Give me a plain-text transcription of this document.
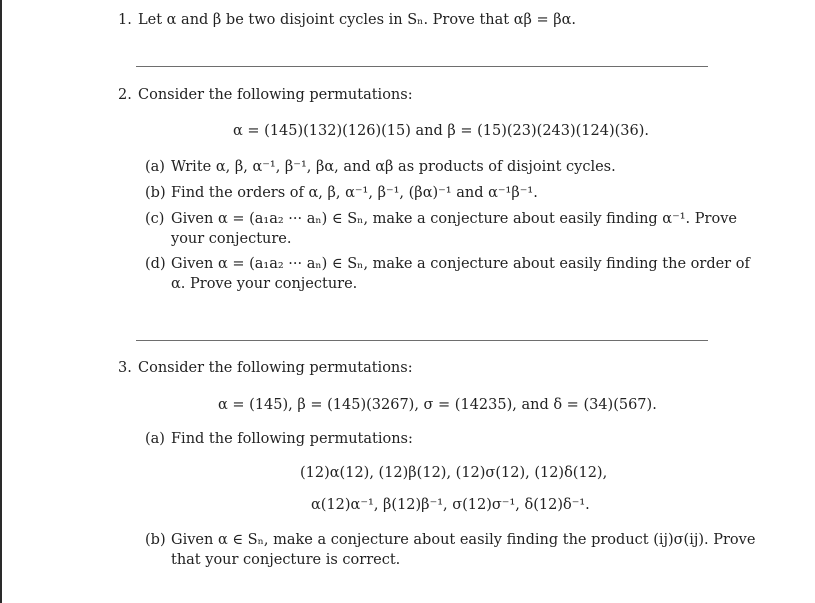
1. Let α and β be two disjoint cycles in Sₙ. Prove that αβ = βα.
2. Consider the following permutations:
α = (145)(132)(126)(15) and β = (15)(23)(243)(124)(36).
(a) Write α, β, α⁻¹, β⁻¹, βα, and αβ as products of disjoint cycles.
(b) Find the orders of α, β, α⁻¹, β⁻¹, (βα)⁻¹ and α⁻¹β⁻¹.
(c) Given α = (a₁a₂ ··· aₙ) ∈ Sₙ, make a conjecture about easily finding α⁻¹. Prove
your conjecture.
(d) Given α = (a₁a₂ ··· aₙ) ∈ Sₙ, make a conjecture about easily finding the order of
α. Prove your conjecture.
3. Consider the following permutations:
α = (145), β = (145)(3267), σ = (14235), and δ = (34)(567).
(a) Find the following permutations:
(12)α(12), (12)β(12), (12)σ(12), (12)δ(12),
α(12)α⁻¹, β(12)β⁻¹, σ(12)σ⁻¹, δ(12)δ⁻¹.
(b) Given α ∈ Sₙ, make a conjecture about easily finding the product (ij)σ(ij). Prove
that your conjecture is correct.
